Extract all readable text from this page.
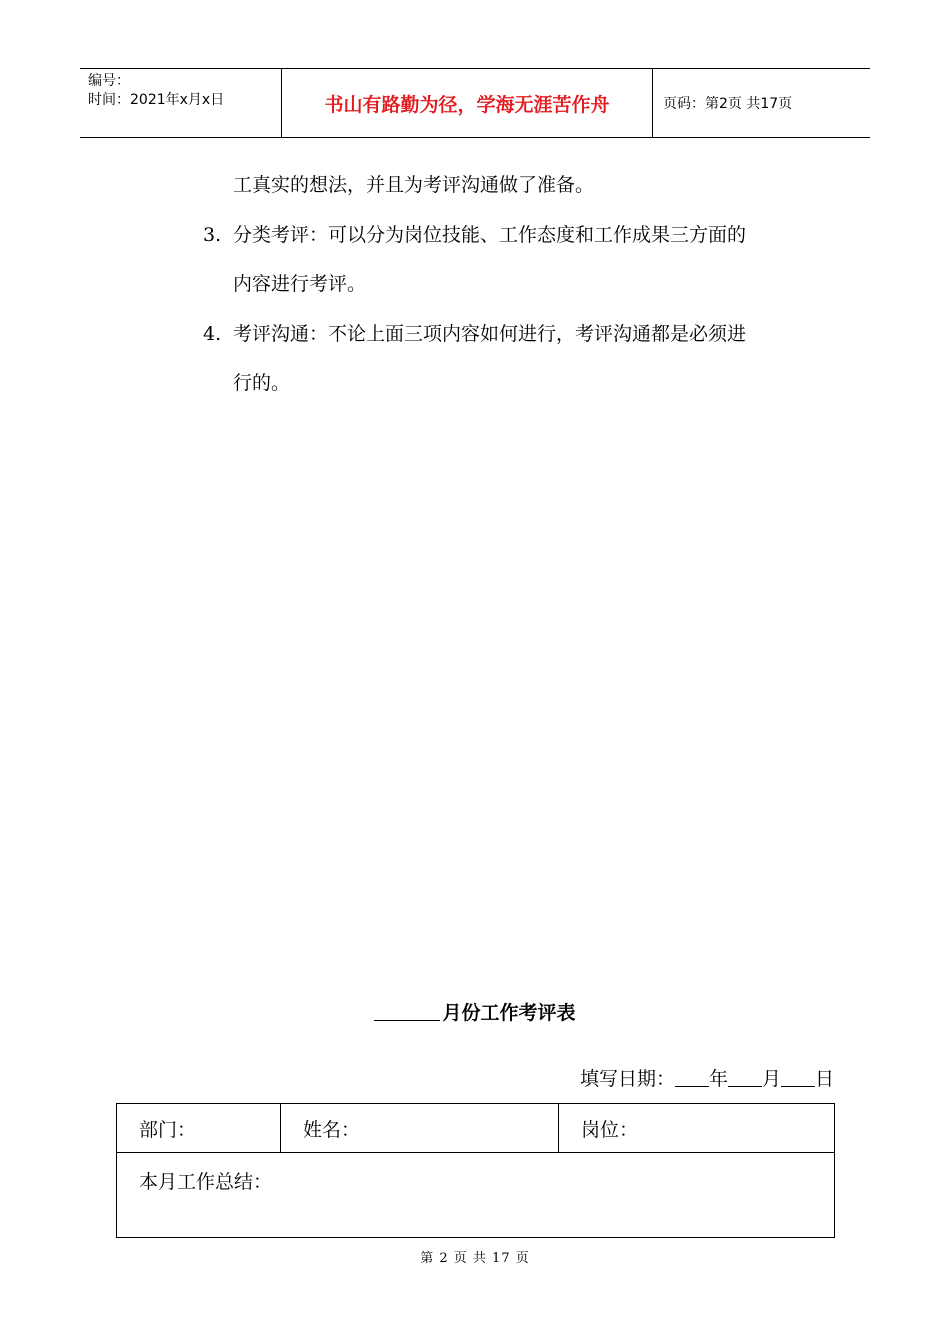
编号：
时间：2021年x月x日	书山有路勤为径，学海无涯苦作舟	页码：第2页 共17页
工真实的想法，并且为考评沟通做了准备。
3. 分类考评：可以分为岗位技能、工作态度和工作成果三方面的
内容进行考评。
4. 考评沟通：不论上面三项内容如何进行，考评沟通都是必须进
行的。
月份工作考评表
填写日期： 年 月 日
部门：	姓名：	岗位：
本月工作总结：
第 2 页 共 17 页
